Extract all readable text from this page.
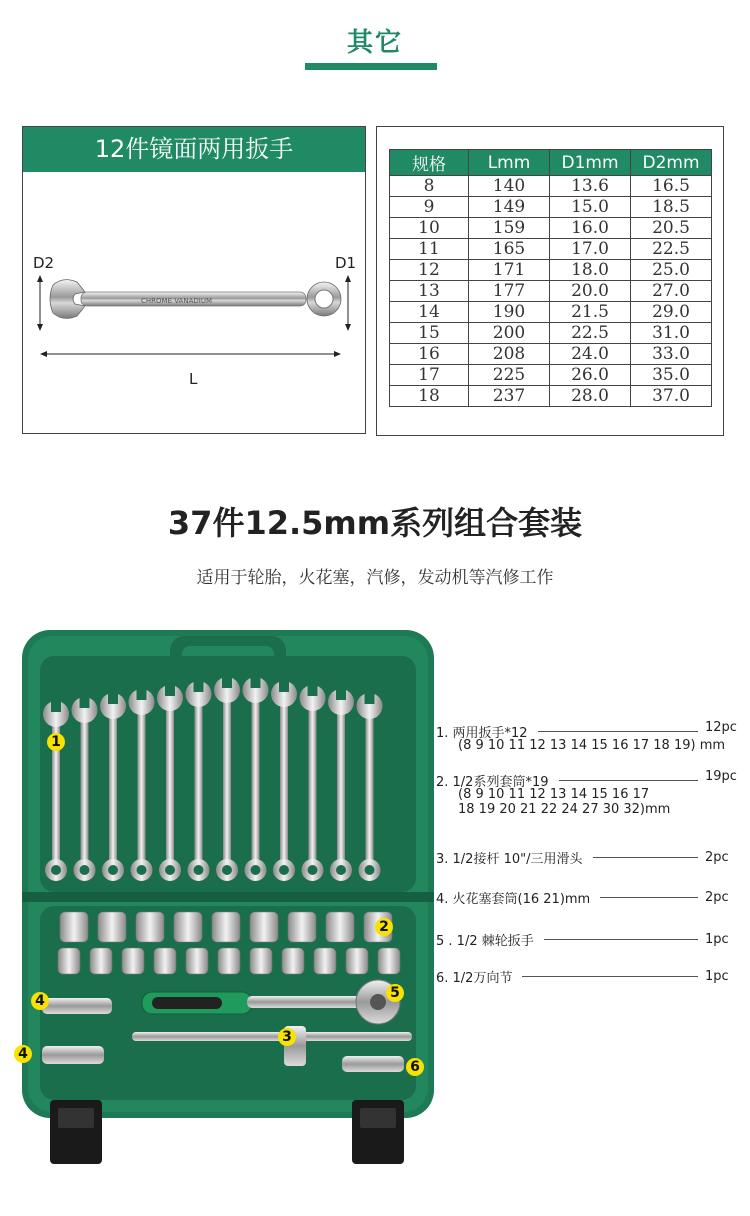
其它
12件镜面两用扳手
D2	D1
L
CHROME VANADIUM
规格	Lmm	D1mm	D2mm
8	140	13.6	16.5
9	149	15.0	18.5
10	159	16.0	20.5
11	165	17.0	22.5
12	171	18.0	25.0
13	177	20.0	27.0
14	190	21.5	29.0
15	200	22.5	31.0
16	208	24.0	33.0
17	225	26.0	35.0
18	237	28.0	37.0
37件12.5mm系列组合套装
适用于轮胎，火花塞，汽修，发动机等汽修工作
1
2
3
4
4
5
6
1. 两用扳手*12	12pc
(8 9 10 11 12 13 14 15 16 17 18 19) mm
2. 1/2系列套筒*19	19pc
(8 9 10 11 12 13 14 15 16 17
18 19 20 21 22 24 27 30 32)mm
3. 1/2接杆 10"/三用滑头	2pc
4. 火花塞套筒(16 21)mm	2pc
5 . 1/2 棘轮扳手	1pc
6. 1/2万向节	1pc
